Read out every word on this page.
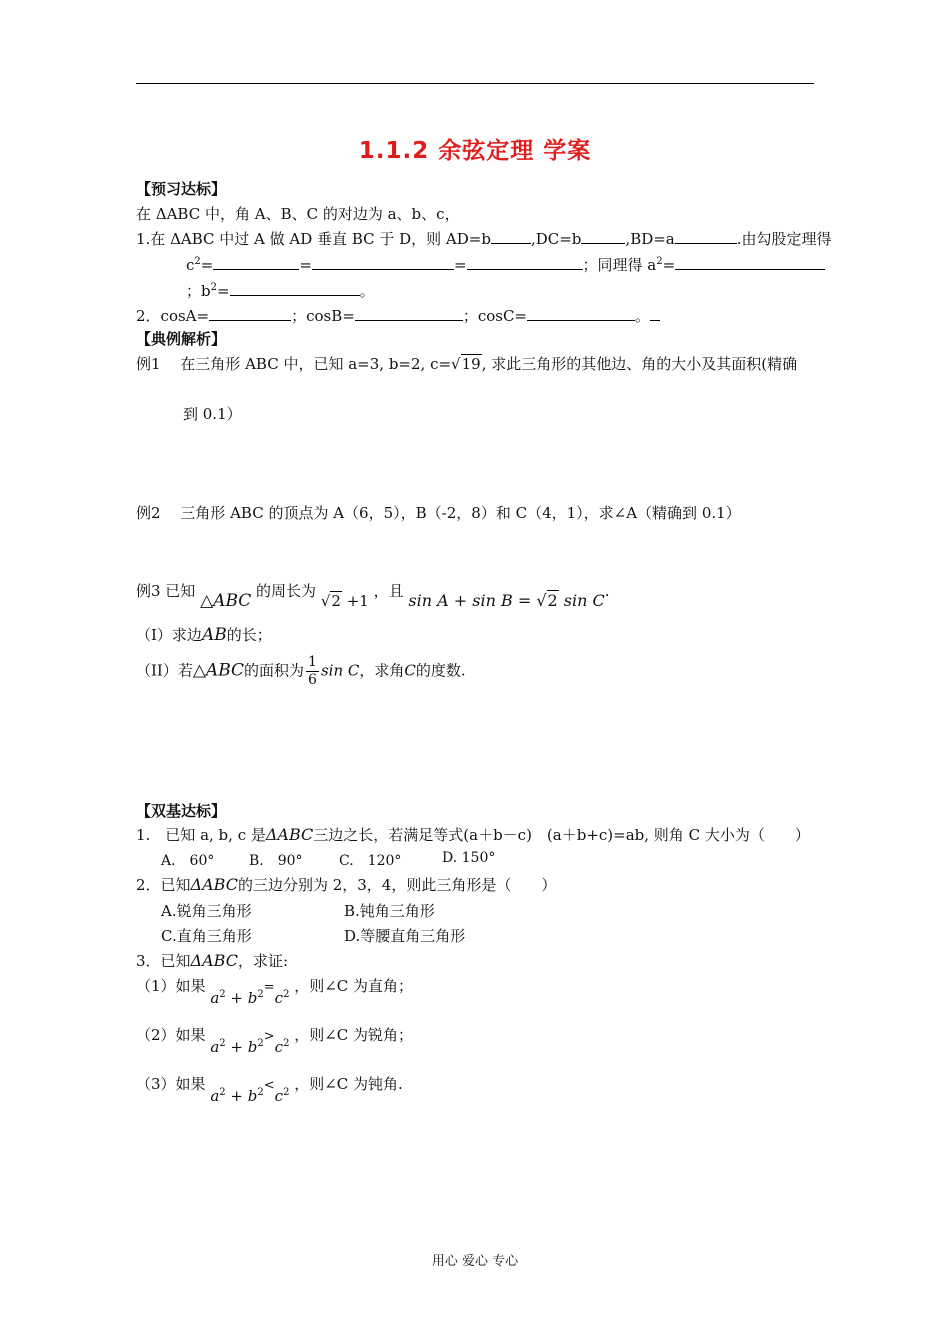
1.1.2 余弦定理 学案
【预习达标】
在 ΔABC 中，角 A、B、C 的对边为 a、b、c，
1.在 ΔABC 中过 A 做 AD 垂直 BC 于 D，则 AD=b	,DC=b	,BD=a	.由勾股定理得
$c^2=$	=	=	；同理得 $a^2=$
；$b^2=$	。
2．cosA=	；cosB=	；cosC=	。
【典例解析】
例1　 在三角形 ABC 中，已知 a=3, b=2, c=√19, 求此三角形的其他边、角的大小及其面积(精确
到 0.1）
例2　 三角形 ABC 的顶点为 A（6，5），B（-2，8）和 C（4，1），求∠A（精确到 0.1）
例3 已知 △ABC 的周长为 √2 +1 ，且 sin A + sin B = √2 sin C.
（I）求边AB的长；
（II）若△ABC的面积为 $\frac{1}{6}$ sin C，求角C的度数.
【双基达标】
1.　已知 a, b, c 是ΔABC三边之长，若满足等式(a＋b－c)　(a＋b+c)=ab, 则角 C 大小为（　　）
A.　60° B.　90°	C.　120°	D. 150°
2．已知ΔABC的三边分别为 2，3，4，则此三角形是（　　）
A.锐角三角形	B.钝角三角形
C.直角三角形	D.等腰直角三角形
3．已知ΔABC，求证:
（1）如果 $a^2 + b^2=c^2$ ，则∠C 为直角；
（2）如果 $a^2 + b^2>c^2$ ，则∠C 为锐角；
（3）如果 $a^2 + b^2<c^2$ ，则∠C 为钝角.
用心 爱心 专心
